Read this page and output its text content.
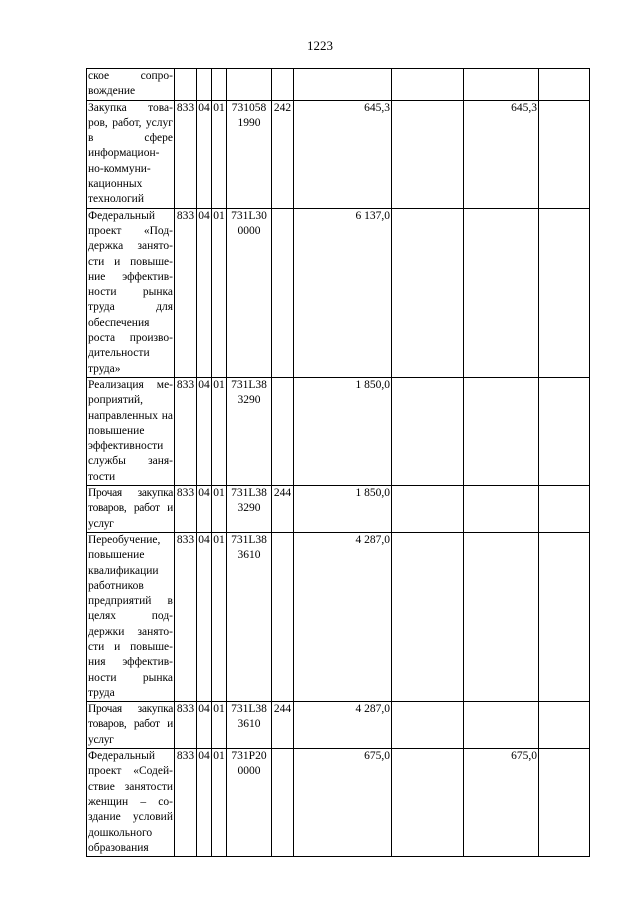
1223
ское сопро-вождение									
Закупка това-ров, работ, услуг в сфере информацион-но-коммуни-кационных технологий	833	04	01	731058 1990	242	645,3		645,3	
Федеральный проект «Под-держка занято-сти и повыше-ние эффектив-ности рынка труда для обеспечения роста произво-дительности труда»	833	04	01	731L30 0000		6 137,0			
Реализация ме-роприятий, направленных на повышение эффективности службы заня-тости	833	04	01	731L38 3290		1 850,0			
Прочая закупка товаров, работ и услуг	833	04	01	731L38 3290	244	1 850,0			
Переобучение, повышение квалификации работников предприятий в целях под-держки занято-сти и повыше-ния эффектив-ности рынка труда	833	04	01	731L38 3610		4 287,0			
Прочая закупка товаров, работ и услуг	833	04	01	731L38 3610	244	4 287,0			
Федеральный проект «Содей-ствие занятости женщин – со-здание условий дошкольного образования	833	04	01	731P20 0000		675,0		675,0	
